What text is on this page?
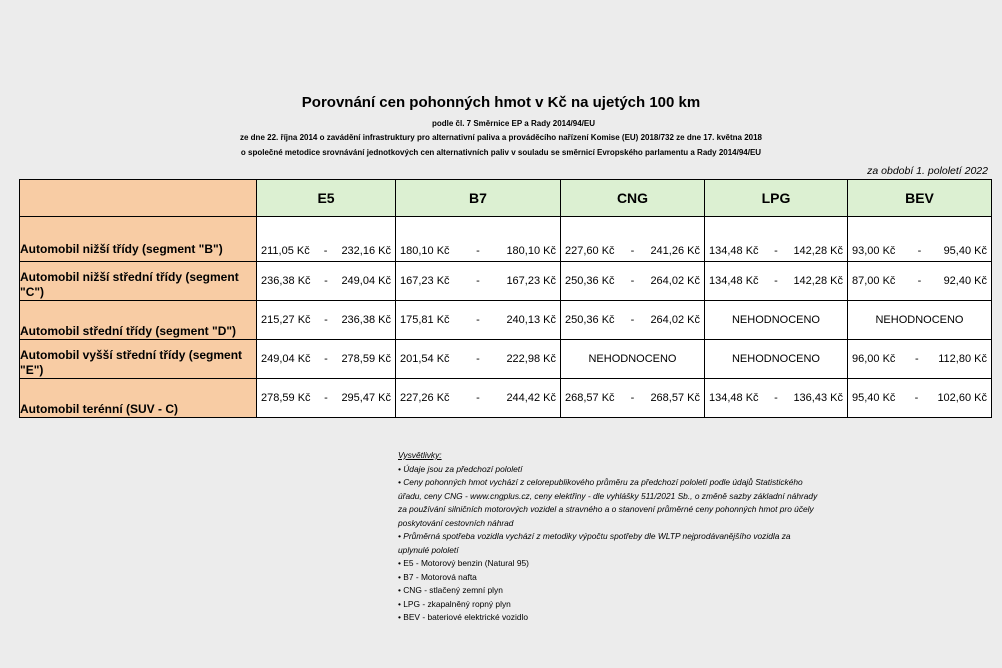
Porovnání cen pohonných hmot v Kč na ujetých 100 km
podle čl. 7 Směrnice EP a Rady 2014/94/EU
ze dne 22. října 2014 o zavádění infrastruktury pro alternativní paliva a prováděcího nařízení Komise (EU) 2018/732 ze dne 17. května 2018
o společné metodice srovnávání jednotkových cen alternativních paliv v souladu se směrnicí Evropského parlamentu a Rady 2014/94/EU
za období 1. pololetí 2022
	E5	B7	CNG	LPG	BEV
Automobil nižší třídy (segment "B")	211,05 Kč - 232,16 Kč	180,10 Kč - 180,10 Kč	227,60 Kč - 241,26 Kč	134,48 Kč - 142,28 Kč	93,00 Kč - 95,40 Kč

Automobil nižší střední třídy (segment "C")	236,38 Kč - 249,04 Kč	167,23 Kč - 167,23 Kč	250,36 Kč - 264,02 Kč	134,48 Kč - 142,28 Kč	87,00 Kč - 92,40 Kč

Automobil střední třídy (segment "D")	215,27 Kč - 236,38 Kč	175,81 Kč - 240,13 Kč	250,36 Kč - 264,02 Kč	NEHODNOCENO	NEHODNOCENO

Automobil vyšší střední třídy (segment "E")	249,04 Kč - 278,59 Kč	201,54 Kč - 222,98 Kč	NEHODNOCENO	NEHODNOCENO	96,00 Kč - 112,80 Kč

Automobil terénní (SUV - C)	278,59 Kč - 295,47 Kč	227,26 Kč - 244,42 Kč	268,57 Kč - 268,57 Kč	134,48 Kč - 136,43 Kč	95,40 Kč - 102,60 Kč
Vysvětlivky:
• Údaje jsou za předchozí pololetí
• Ceny pohonných hmot vychází z celorepublikového průměru za předchozí pololetí podle údajů Statistického
úřadu, ceny CNG - www.cngplus.cz, ceny elektřiny - dle vyhlášky 511/2021 Sb., o změně sazby základní náhrady
za používání silničních motorových vozidel a stravného a o stanovení průměrné ceny pohonných hmot pro účely
poskytování cestovních náhrad
• Průměrná spotřeba vozidla vychází z metodiky výpočtu spotřeby dle WLTP nejprodávanějšího vozidla za
uplynulé pololetí
• E5 - Motorový benzin (Natural 95)
• B7 - Motorová nafta
• CNG - stlačený zemní plyn
• LPG - zkapalněný ropný plyn
• BEV - bateriové elektrické vozidlo
